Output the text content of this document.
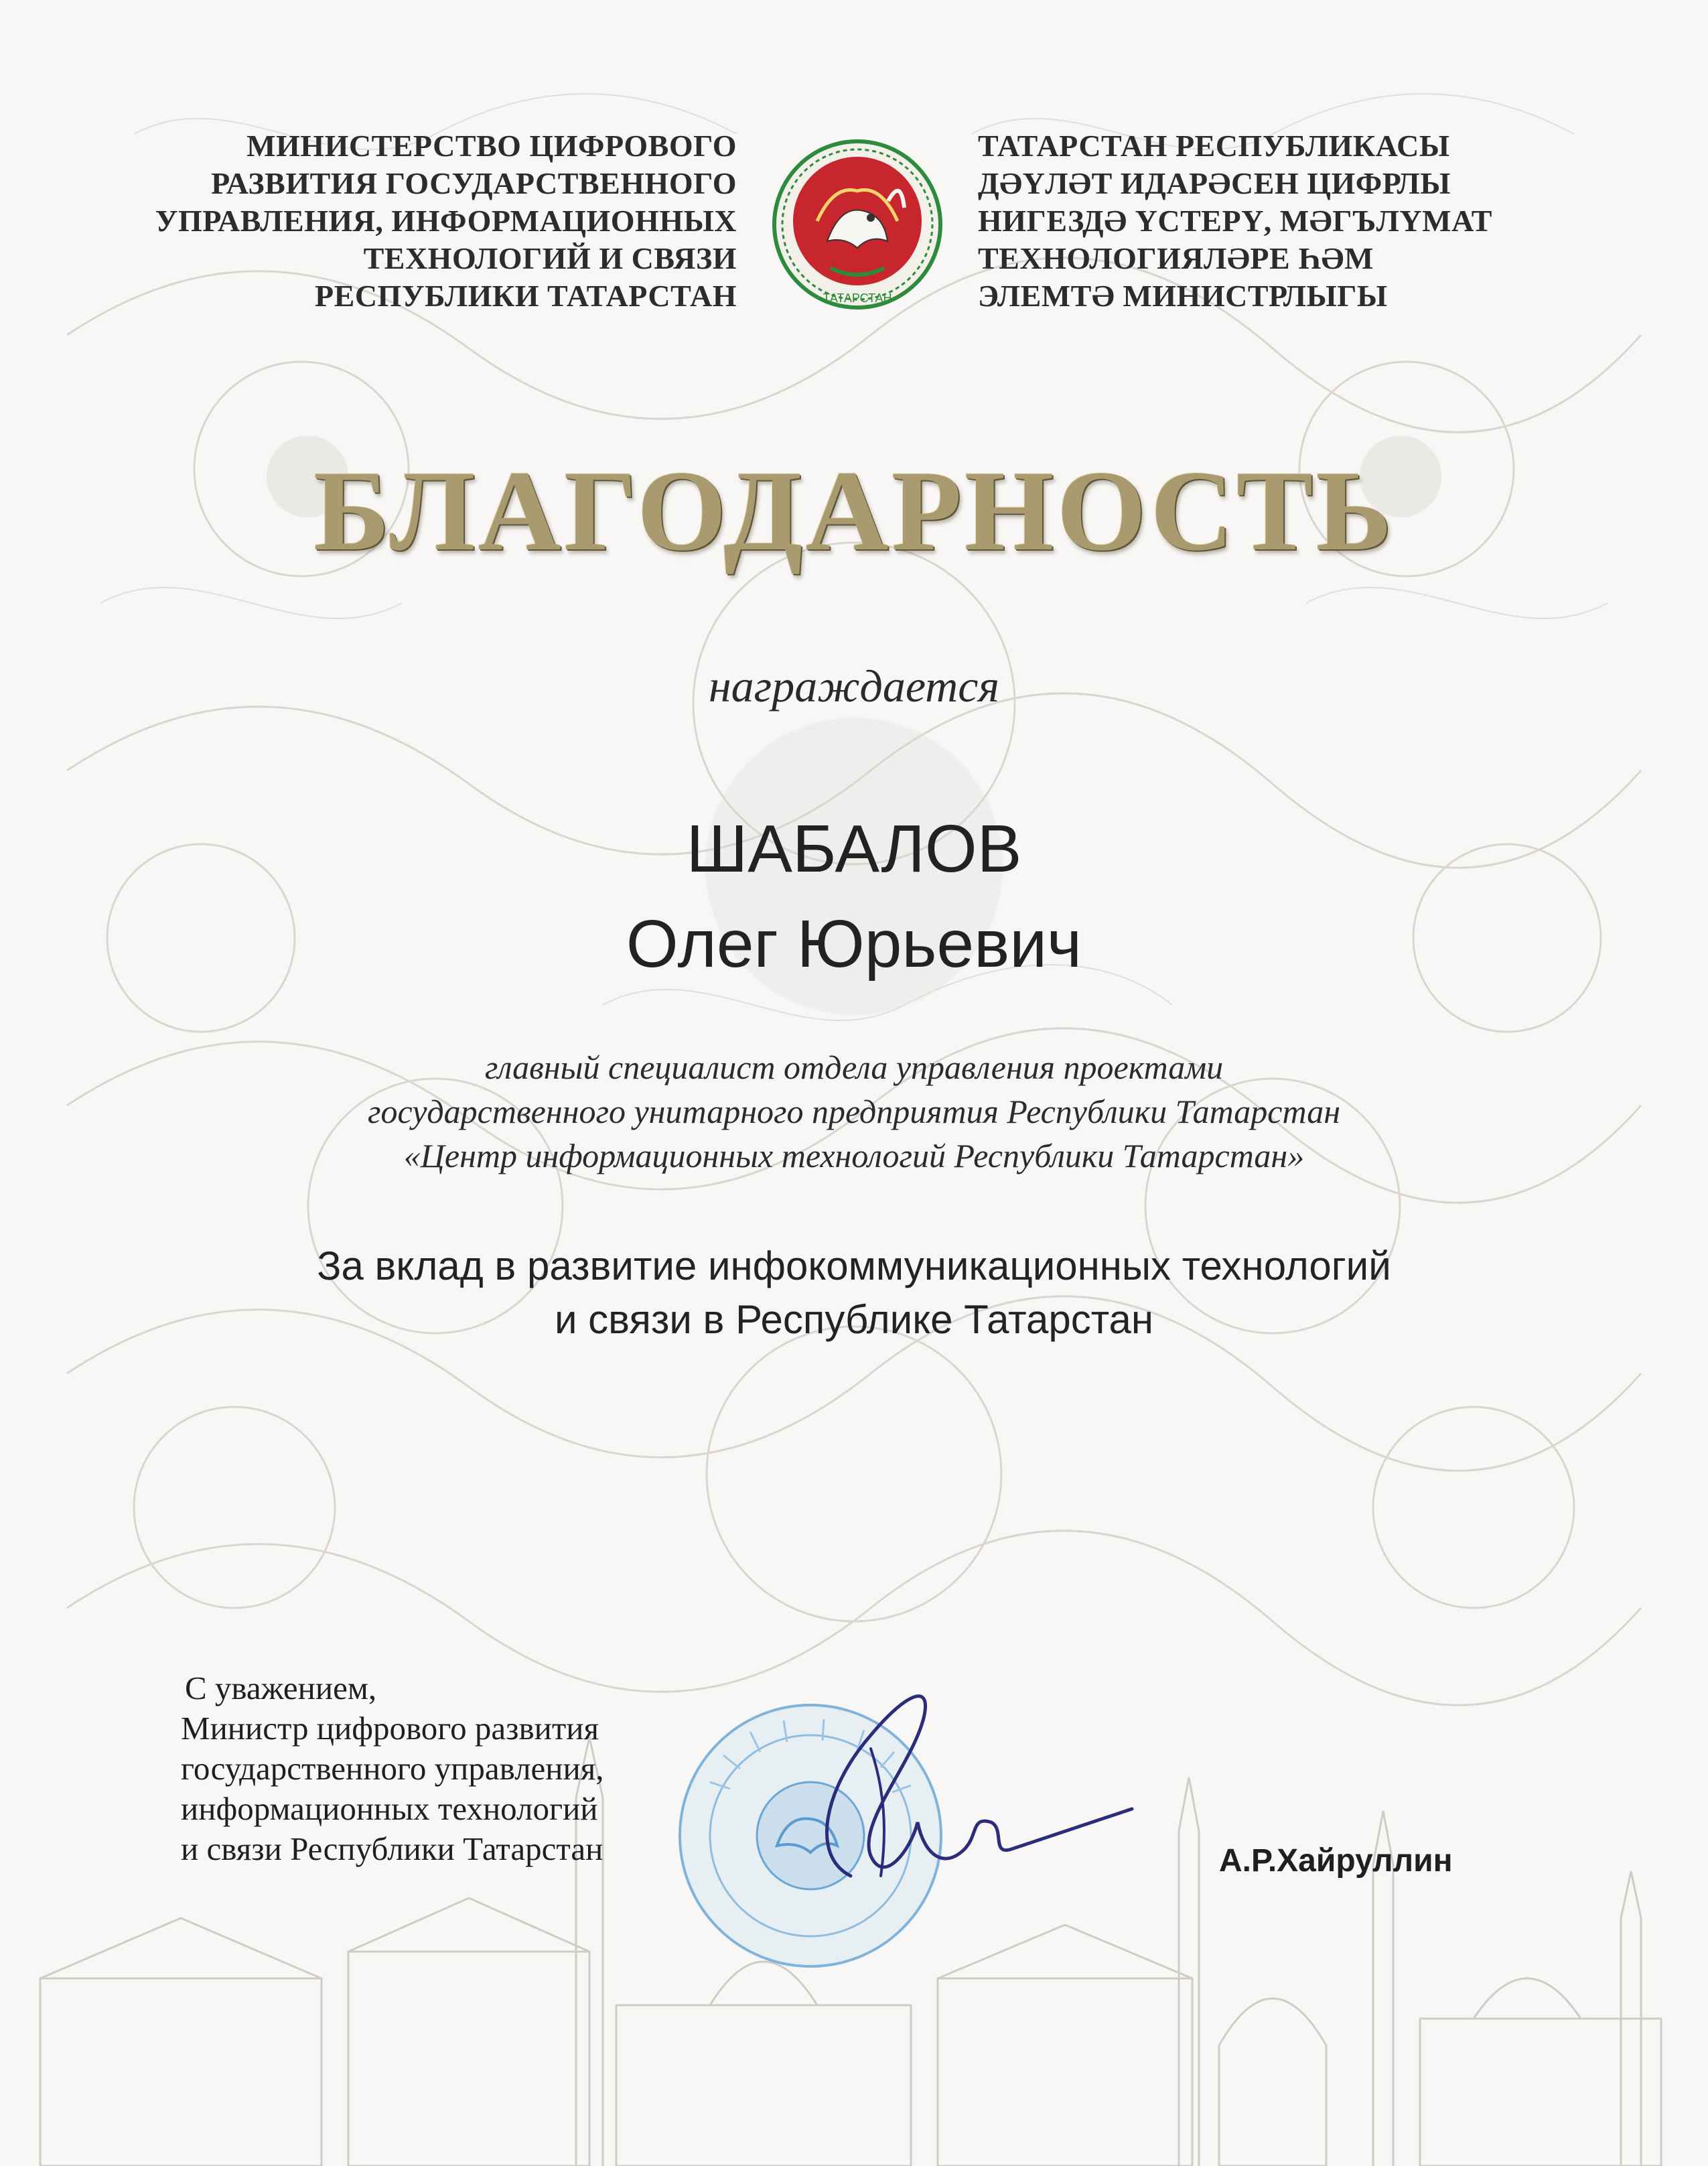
МИНИСТЕРСТВО ЦИФРОВОГО
РАЗВИТИЯ ГОСУДАРСТВЕННОГО
УПРАВЛЕНИЯ, ИНФОРМАЦИОННЫХ
ТЕХНОЛОГИЙ И СВЯЗИ
РЕСПУБЛИКИ ТАТАРСТАН	ТАТАРСТАН
ТАТАРСТАН РЕСПУБЛИКАСЫ
ДӘҮЛӘТ ИДАРӘСЕН ЦИФРЛЫ
НИГЕЗДӘ ҮСТЕРҮ, МӘГЪЛҮМАТ
ТЕХНОЛОГИЯЛӘРЕ ҺӘМ
ЭЛЕМТӘ МИНИСТРЛЫГЫ
БЛАГОДАРНОСТЬ
награждается
ШАБАЛОВ
Олег Юрьевич
главный специалист отдела управления проектами
государственного унитарного предприятия Республики Татарстан
«Центр информационных технологий Республики Татарстан»
За вклад в развитие инфокоммуникационных технологий
и связи в Республике Татарстан
С уважением,
Министр цифрового развития
государственного управления,
информационных технологий
и связи Республики Татарстан	А.Р.Хайруллин
